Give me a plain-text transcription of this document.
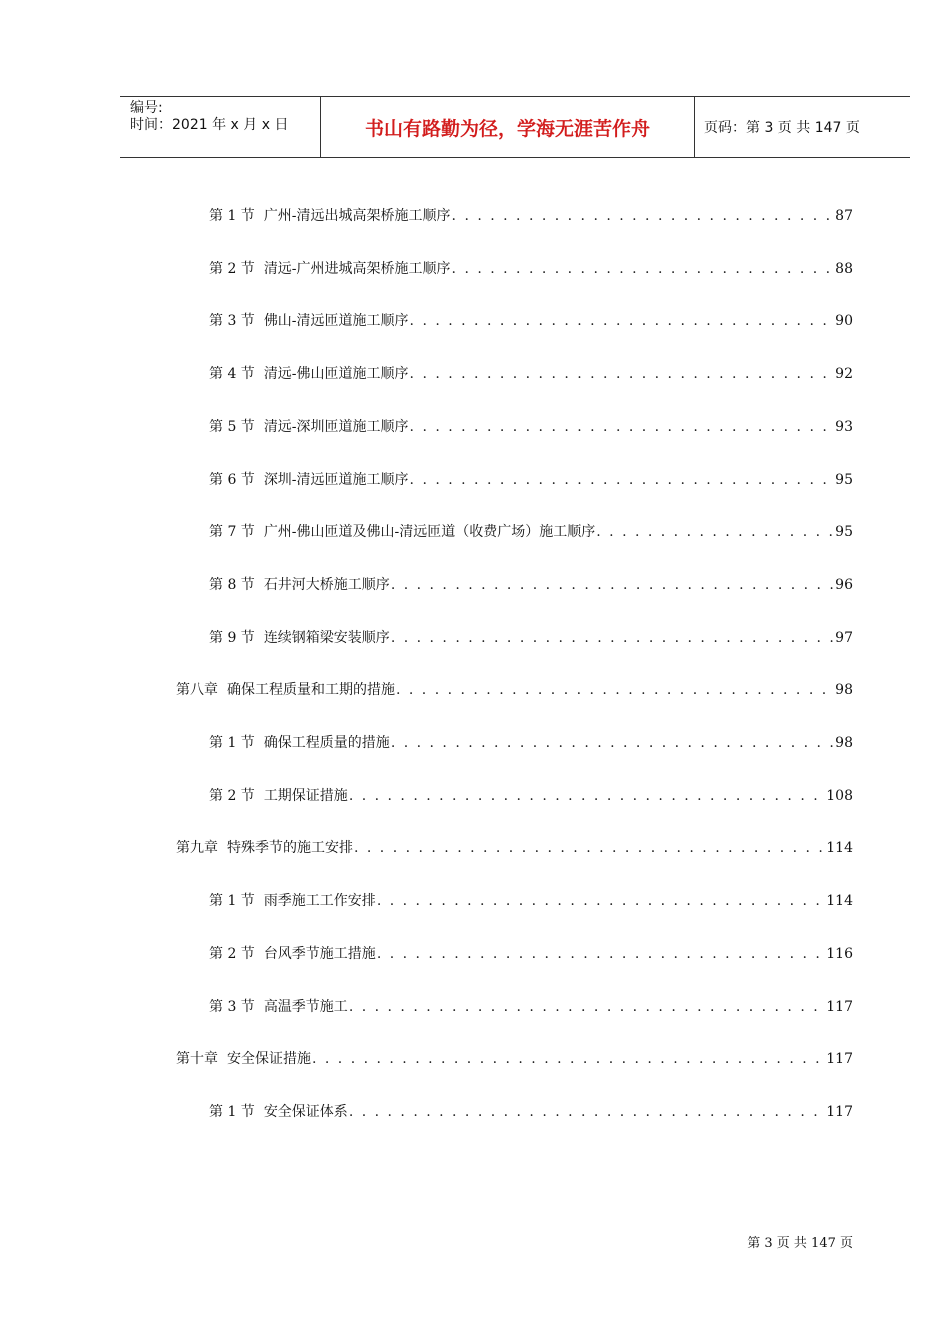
编号:
时间：2021 年 x 月 x 日	书山有路勤为径，学海无涯苦作舟	页码：第 3 页 共 147 页
第 1 节 广州-清远出城高架桥施工顺序 . . .	87
第 2 节 清远-广州进城高架桥施工顺序 . . .	88
第 3 节 佛山-清远匝道施工顺序 . . .	90
第 4 节 清远-佛山匝道施工顺序 . . .	92
第 5 节 清远-深圳匝道施工顺序 . . .	93
第 6 节 深圳-清远匝道施工顺序 . . .	95
第 7 节 广州-佛山匝道及佛山-清远匝道（收费广场）施工顺序 . . .	95
第 8 节 石井河大桥施工顺序 . . .	96
第 9 节 连续钢箱梁安装顺序 . . .	97
第八章 确保工程质量和工期的措施 . . .	98
第 1 节 确保工程质量的措施 . . .	98
第 2 节 工期保证措施 . . .	108
第九章 特殊季节的施工安排 . . .	114
第 1 节 雨季施工工作安排 . . .	114
第 2 节 台风季节施工措施 . . .	116
第 3 节 高温季节施工 . . .	117
第十章 安全保证措施 . . .	117
第 1 节 安全保证体系 . . .	117
第 3 页 共 147 页
